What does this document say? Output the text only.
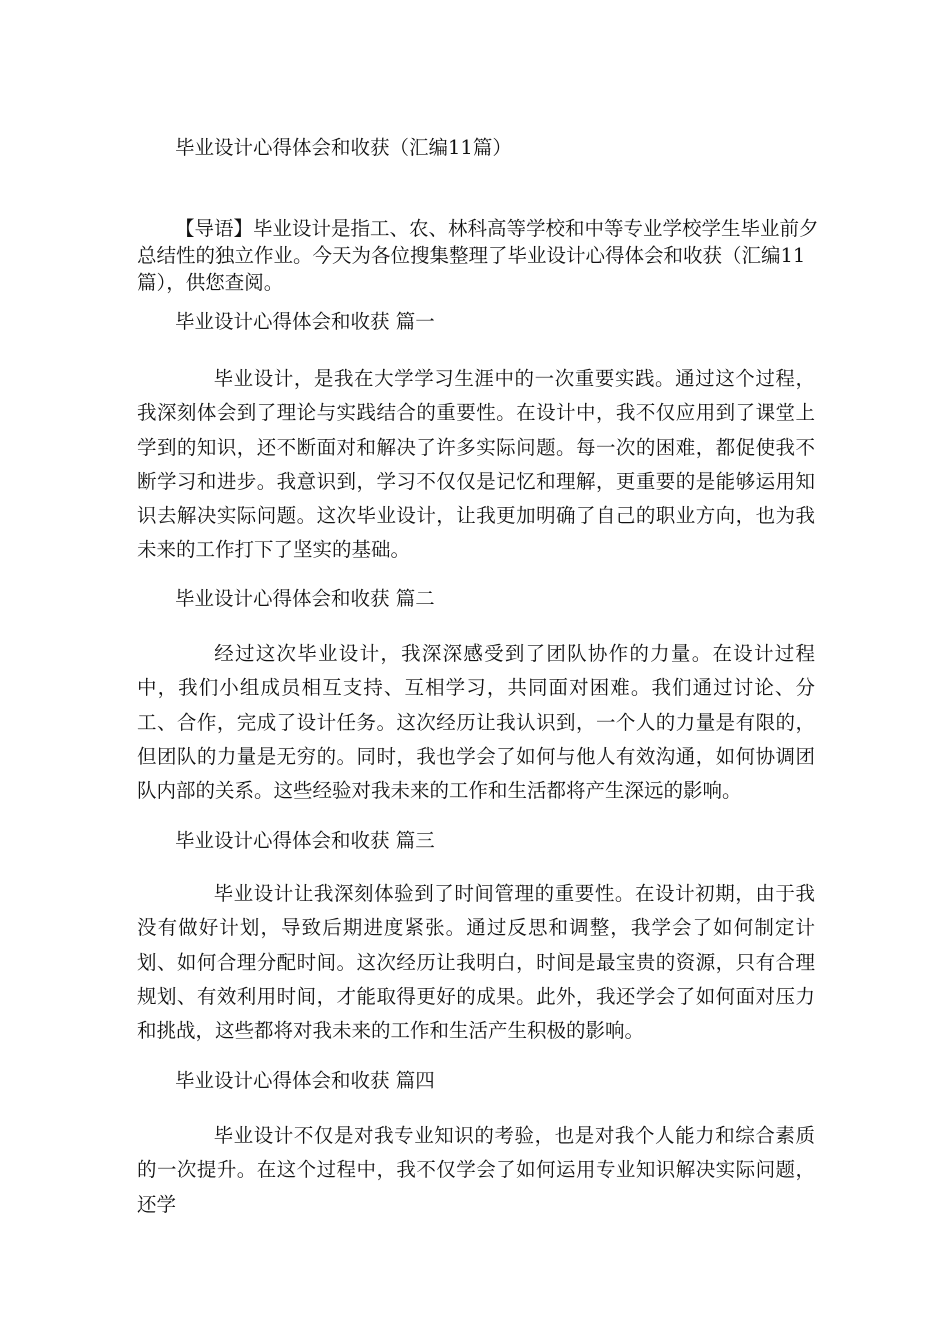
毕业设计心得体会和收获（汇编11篇）
【导语】毕业设计是指工、农、林科高等学校和中等专业学校学生毕业前夕总结性的独立作业。今天为各位搜集整理了毕业设计心得体会和收获（汇编11篇），供您查阅。
毕业设计心得体会和收获 篇一
毕业设计，是我在大学学习生涯中的一次重要实践。通过这个过程，我深刻体会到了理论与实践结合的重要性。在设计中，我不仅应用到了课堂上学到的知识，还不断面对和解决了许多实际问题。每一次的困难，都促使我不断学习和进步。我意识到，学习不仅仅是记忆和理解，更重要的是能够运用知识去解决实际问题。这次毕业设计，让我更加明确了自己的职业方向，也为我未来的工作打下了坚实的基础。
毕业设计心得体会和收获 篇二
经过这次毕业设计，我深深感受到了团队协作的力量。在设计过程中，我们小组成员相互支持、互相学习，共同面对困难。我们通过讨论、分工、合作，完成了设计任务。这次经历让我认识到，一个人的力量是有限的，但团队的力量是无穷的。同时，我也学会了如何与他人有效沟通，如何协调团队内部的关系。这些经验对我未来的工作和生活都将产生深远的影响。
毕业设计心得体会和收获 篇三
毕业设计让我深刻体验到了时间管理的重要性。在设计初期，由于我没有做好计划，导致后期进度紧张。通过反思和调整，我学会了如何制定计划、如何合理分配时间。这次经历让我明白，时间是最宝贵的资源，只有合理规划、有效利用时间，才能取得更好的成果。此外，我还学会了如何面对压力和挑战，这些都将对我未来的工作和生活产生积极的影响。
毕业设计心得体会和收获 篇四
毕业设计不仅是对我专业知识的考验，也是对我个人能力和综合素质的一次提升。在这个过程中，我不仅学会了如何运用专业知识解决实际问题，还学
